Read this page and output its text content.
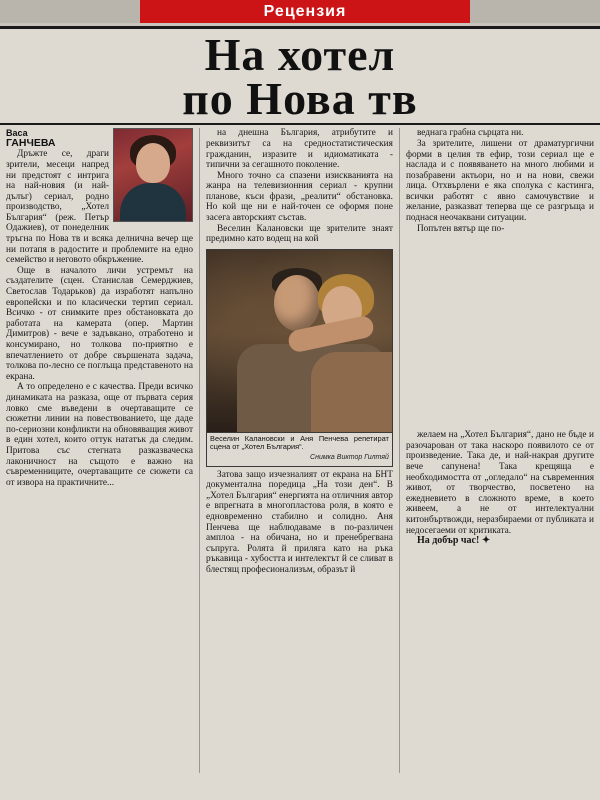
Рецензия
На хотел
по Нова тв
Васа
ГАНЧЕВА

Дръжте се, драги зрители, месеци напред ни предстоят с интрига на най-новия (и най-дълъг) сериал, родно производство, „Хотел България“ (реж. Петър Одажиев), от понеделник тръгна по Нова тв и всяка делнична вечер ще ни потапя в радостите и проблемите на едно семейство и неговото обкръжение.

Още в началото личи устремът на създателите (сцен. Станислав Семерджиев, Светослав Тодарьков) да изработят напълно европейски и по класически тертип сериал. Всичко - от снимките през обстановката до работата на камерата (опер. Мартин Димитров) - вече е задъвкано, отработено и консумирано, но толкова по-приятно е впечатлението от добре свършената задача, толкова по-лесно се поглъща представеното на екрана.

А то определено е с качества. Преди всичко динамиката на разказа, още от първата серия ловко сме въведени в очертаващите се сюжетни линии на повествованието, ще даде по-сериозни конфликти на обновяващия живот в един хотел, които оттук нататък да следим. Притова със стегната разказваческа лаконичност на същото е важно на съвременниците, очертаващите се сюжети са от извора на практичните...

на днешна България, атрибутите и реквизитът са на средностатистическия гражданин, изразите и идиоматиката - типични за сегашното поколение.

Много точно са спазени изискванията на жанра на телевизионния сериал - крупни планове, къси фрази, „реалити“ обстановка. Но кой ще ни е най-точен се оформя поне засега авторският състав.

Веселин Калановски ще зрителите знаят предимно като водещ на кой

Веселин Калановски и Аня Пенчева репетират сцена от „Хотел България“.
Снимка Виктор Гилтяй

Затова защо изчезналият от екрана на БНТ документална поредица „На този ден“. В „Хотел България“ енергията на отличния автор е впрегната в многопластова роля, в която е едновременно стабилно и солидно. Аня Пенчева ще наблюдаваме в по-различен амплоа - на обичана, но и пренебрегвана съпруга. Ролята й приляга като на ръка ръкавица - хубостта и интелектът й се сливат в блестящ професионализъм, образът й

веднага грабна сърцата ни.

За зрителите, лишени от драматургични форми в целия тв ефир, този сериал ще е наслада и с появяването на много любими и позабравени актьори, но и на нови, свежи лица. Отхвърлени е яка сполука с кастинга, всички работят с явно самочувствие и желание, разказват теперва ще се разгръща и поднася неочаквани ситуации.

Попътен вятър ще по-

желаем на „Хотел България“, дано не бъде и разочарован от така наскоро появилото се от произведение. Така де, и най-накрая другите вече сапунена! Така крещяща е необходимостта от „огледало“ на съвременния живот, от творчество, посветено на ежедневието в сложното време, в което живеем, а не от интелектуални китонбъртвожди, неразбираеми от публиката и недосегаеми от критиката.

На добър час! ✦
